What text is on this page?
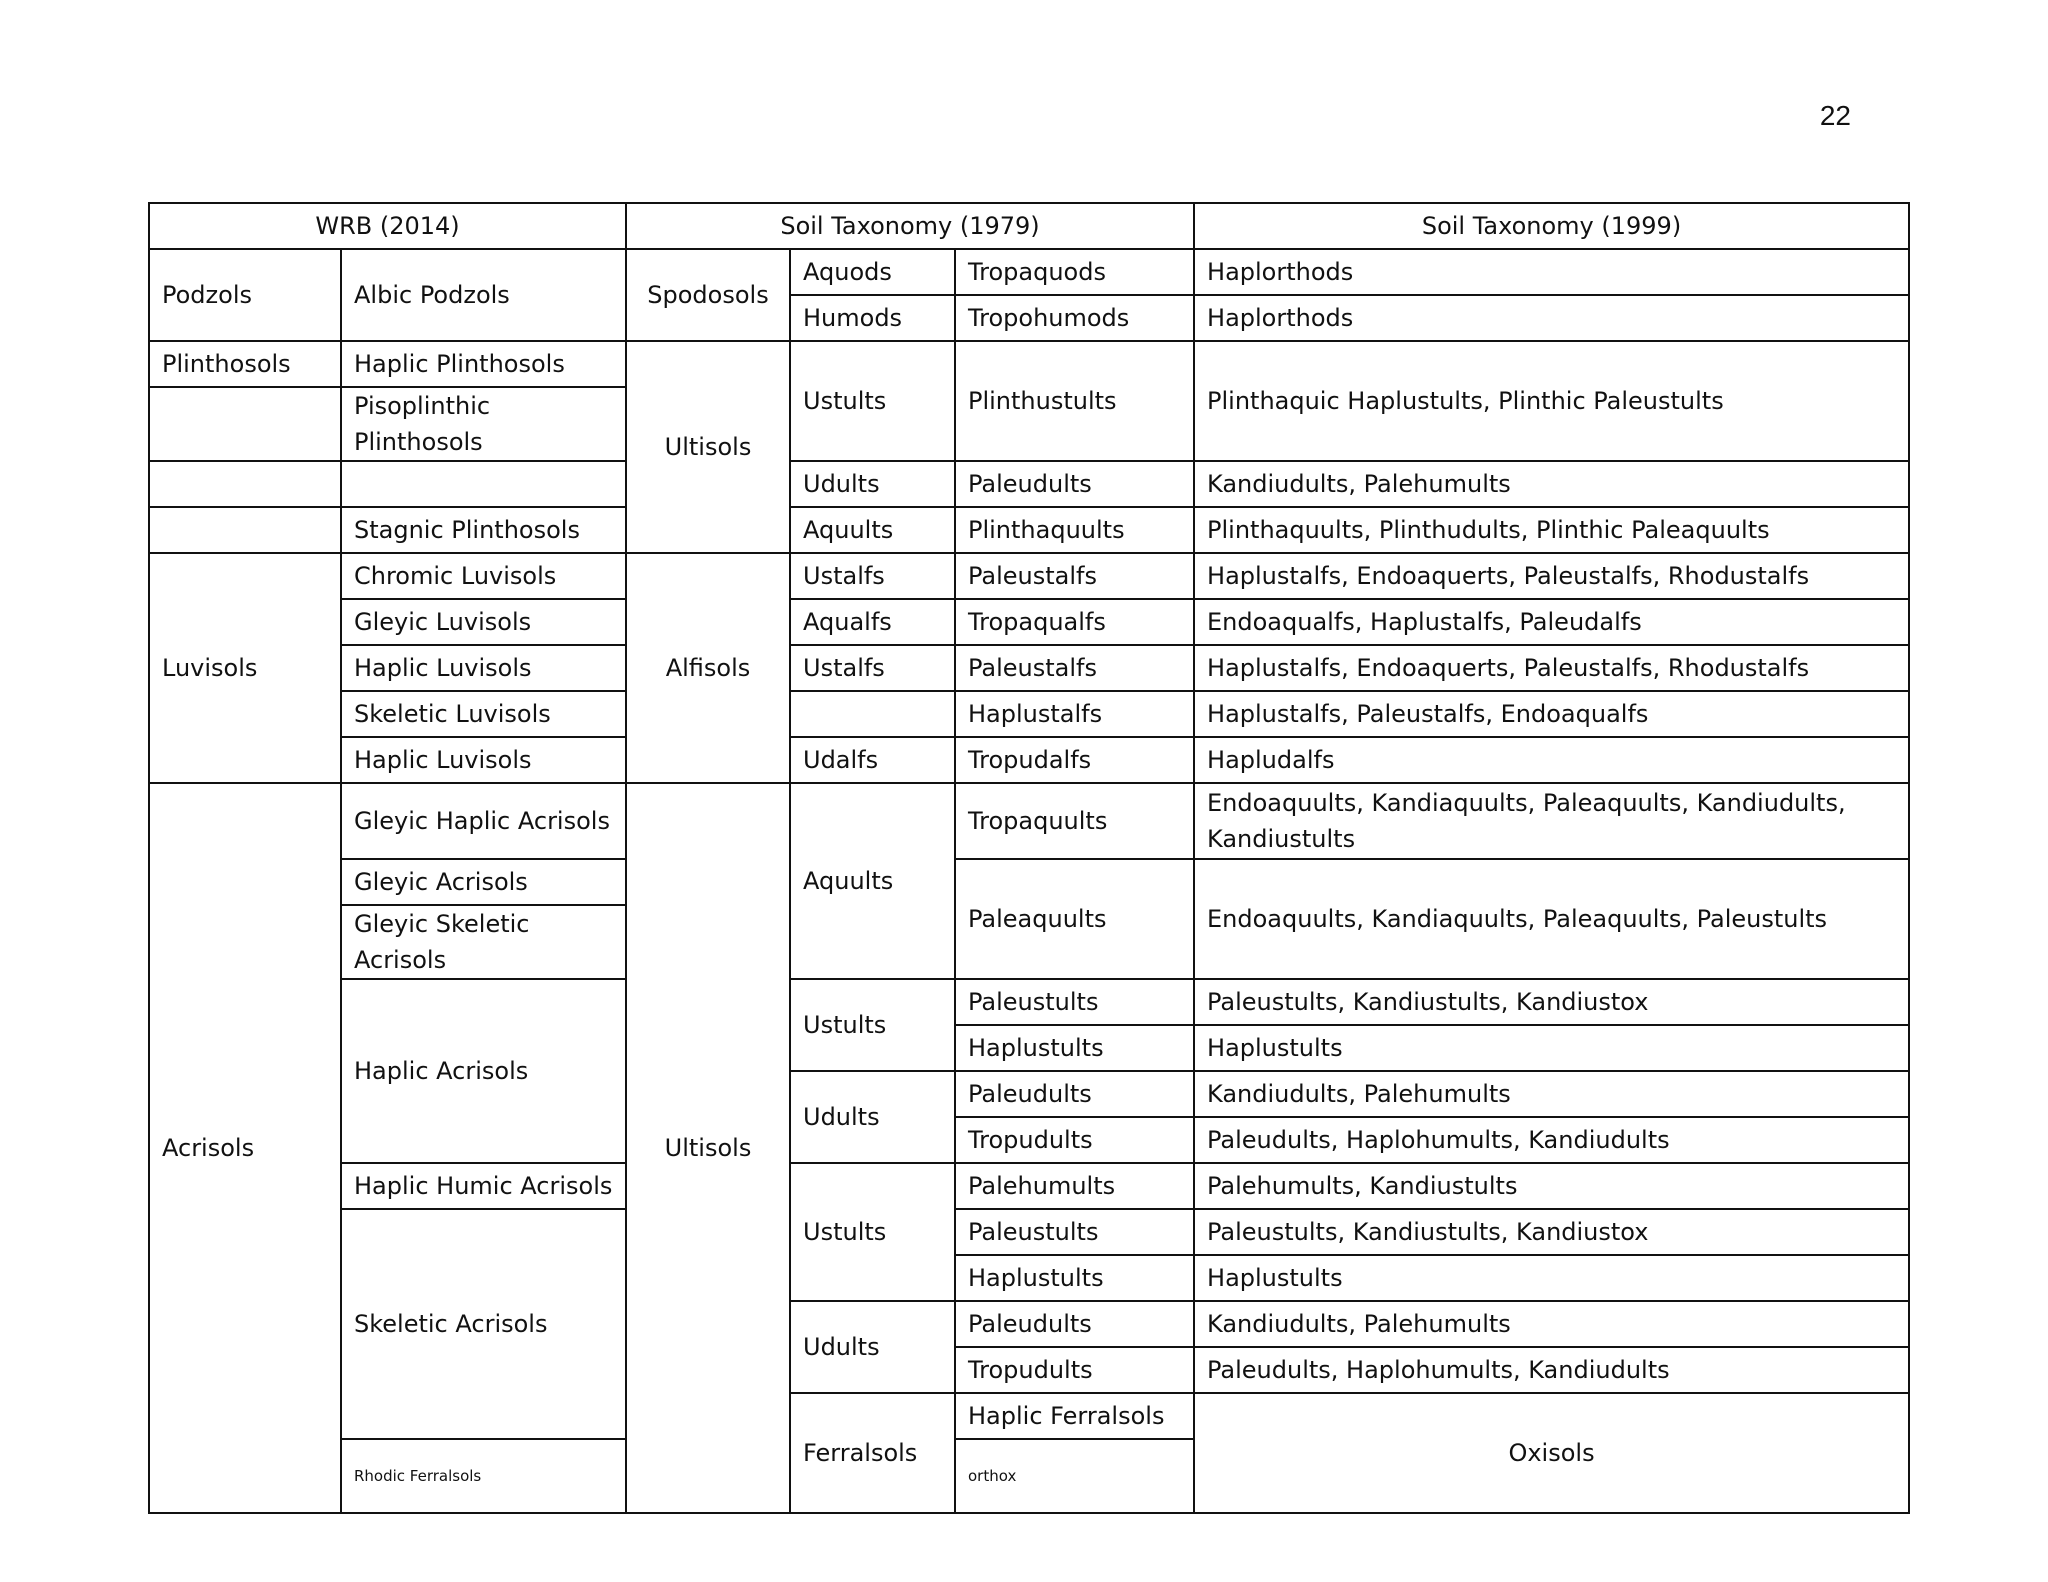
22
WRB (2014)		Soil Taxonomy (1979)			Soil Taxonomy (1999)	
Podzols	Albic Podzols	Spodosols	Aquods	Tropaquods	Haplorthods	
			Humods	Tropohumods	Haplorthods	
Plinthosols	Haplic Plinthosols	Ultisols	Ustults	Plinthustults	Plinthaquic Haplustults, Plinthic Paleustults	
	Pisoplinthic Plinthosols					
			Udults	Paleudults	Kandiudults, Palehumults	
	Stagnic Plinthosols		Aquults	Plinthaquults	Plinthaquults, Plinthudults, Plinthic Paleaquults	
Luvisols	Chromic Luvisols	Alfisols	Ustalfs	Paleustalfs	Haplustalfs, Endoaquerts, Paleustalfs, Rhodustalfs	
	Gleyic Luvisols		Aqualfs	Tropaqualfs	Endoaqualfs, Haplustalfs, Paleudalfs	
	Haplic Luvisols		Ustalfs	Paleustalfs	Haplustalfs, Endoaquerts, Paleustalfs, Rhodustalfs	
	Skeletic Luvisols			Haplustalfs	Haplustalfs, Paleustalfs, Endoaqualfs	
	Haplic Luvisols		Udalfs	Tropudalfs	Hapludalfs	
Acrisols	Gleyic Haplic Acrisols	Ultisols	Aquults	Tropaquults	Endoaquults, Kandiaquults, Paleaquults, Kandiudults, Kandiustults	
	Gleyic Acrisols			Paleaquults	Endoaquults, Kandiaquults, Paleaquults, Paleustults	
	Gleyic Skeletic Acrisols					
	Haplic Acrisols		Ustults	Paleustults	Paleustults, Kandiustults, Kandiustox	
				Haplustults	Haplustults	
			Udults	Paleudults	Kandiudults, Palehumults	
				Tropudults	Paleudults, Haplohumults, Kandiudults	
	Haplic Humic Acrisols		Ustults	Palehumults	Palehumults, Kandiustults	
	Skeletic Acrisols			Paleustults	Paleustults, Kandiustults, Kandiustox	
				Haplustults	Haplustults	
			Udults	Paleudults	Kandiudults, Palehumults	
				Tropudults	Paleudults, Haplohumults, Kandiudults	
			Ferralsols	Haplic Ferralsols	Oxisols			
	Rhodic Ferralsols			orthox		
